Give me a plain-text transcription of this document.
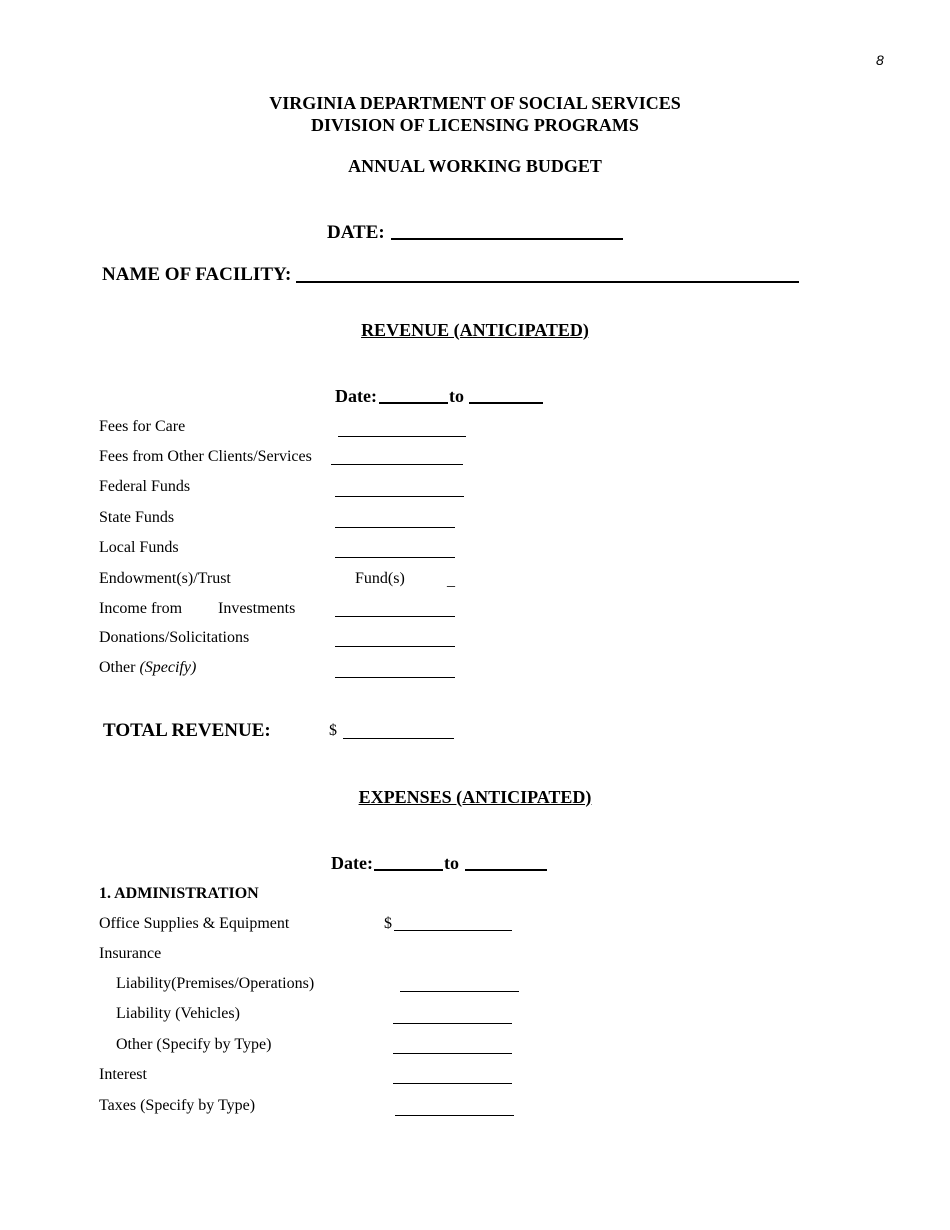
8
VIRGINIA DEPARTMENT OF SOCIAL SERVICES
DIVISION OF LICENSING PROGRAMS
ANNUAL WORKING BUDGET
DATE:
NAME OF FACILITY:
REVENUE (ANTICIPATED)
Date:	to
Fees for Care
Fees from Other Clients/Services
Federal Funds
State Funds
Local Funds
Endowment(s)/Trust	Fund(s)	_
Income from Investments
Donations/Solicitations
Other (Specify)
TOTAL REVENUE:	$
EXPENSES (ANTICIPATED)
Date:	to
1. ADMINISTRATION
Office Supplies & Equipment	$
Insurance
Liability(Premises/Operations)
Liability (Vehicles)
Other (Specify by Type)
Interest
Taxes (Specify by Type)
